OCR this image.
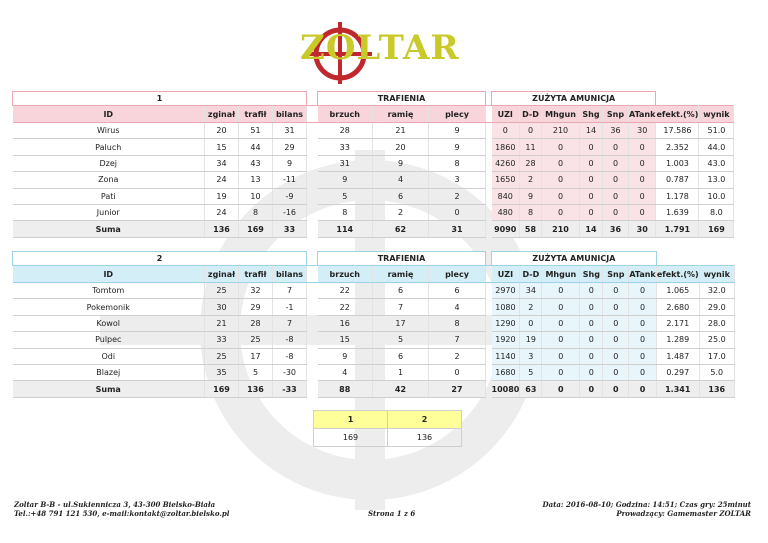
ZOLTAR
1					TRAFIENIA				ZUŻYTA AMUNICJA							
ID	zginał	trafił	bilans		brzuch	ramię	plecy		UZI	D-D	Mhgun	Shg	Snp	ATank	efekt.(%)	wynik
Wirus	20	51	31		28	21	9		0	0	210	14	36	30	17.586	51.0
Paluch	15	44	29		33	20	9		1860	11	0	0	0	0	2.352	44.0
Dzej	34	43	9		31	9	8		4260	28	0	0	0	0	1.003	43.0
Zona	24	13	-11		9	4	3		1650	2	0	0	0	0	0.787	13.0
Pati	19	10	-9		5	6	2		840	9	0	0	0	0	1.178	10.0
Junior	24	8	-16		8	2	0		480	8	0	0	0	0	1.639	8.0
Suma	136	169	33		114	62	31		9090	58	210	14	36	30	1.791	169
2					TRAFIENIA				ZUŻYTA AMUNICJA							
ID	zginał	trafił	bilans		brzuch	ramię	plecy		UZI	D-D	Mhgun	Shg	Snp	ATank	efekt.(%)	wynik
Tomtom	25	32	7		22	6	6		2970	34	0	0	0	0	1.065	32.0
Pokemonik	30	29	-1		22	7	4		1080	2	0	0	0	0	2.680	29.0
Kowol	21	28	7		16	17	8		1290	0	0	0	0	0	2.171	28.0
Pulpec	33	25	-8		15	5	7		1920	19	0	0	0	0	1.289	25.0
Odi	25	17	-8		9	6	2		1140	3	0	0	0	0	1.487	17.0
Blazej	35	5	-30		4	1	0		1680	5	0	0	0	0	0.297	5.0
Suma	169	136	-33		88	42	27		10080	63	0	0	0	0	1.341	136
1	2
169	136
Zoltar B-B - ul.Sukiennicza 3, 43-300 Bielsko-Biała
Tel.:+48 791 121 530, e-mail:kontakt@zoltar.bielsko.pl	Strona 1 z 6
Data: 2016-08-10; Godzina: 14:51; Czas gry: 25minut
Prowadzący: Gamemaster ZOLTAR
